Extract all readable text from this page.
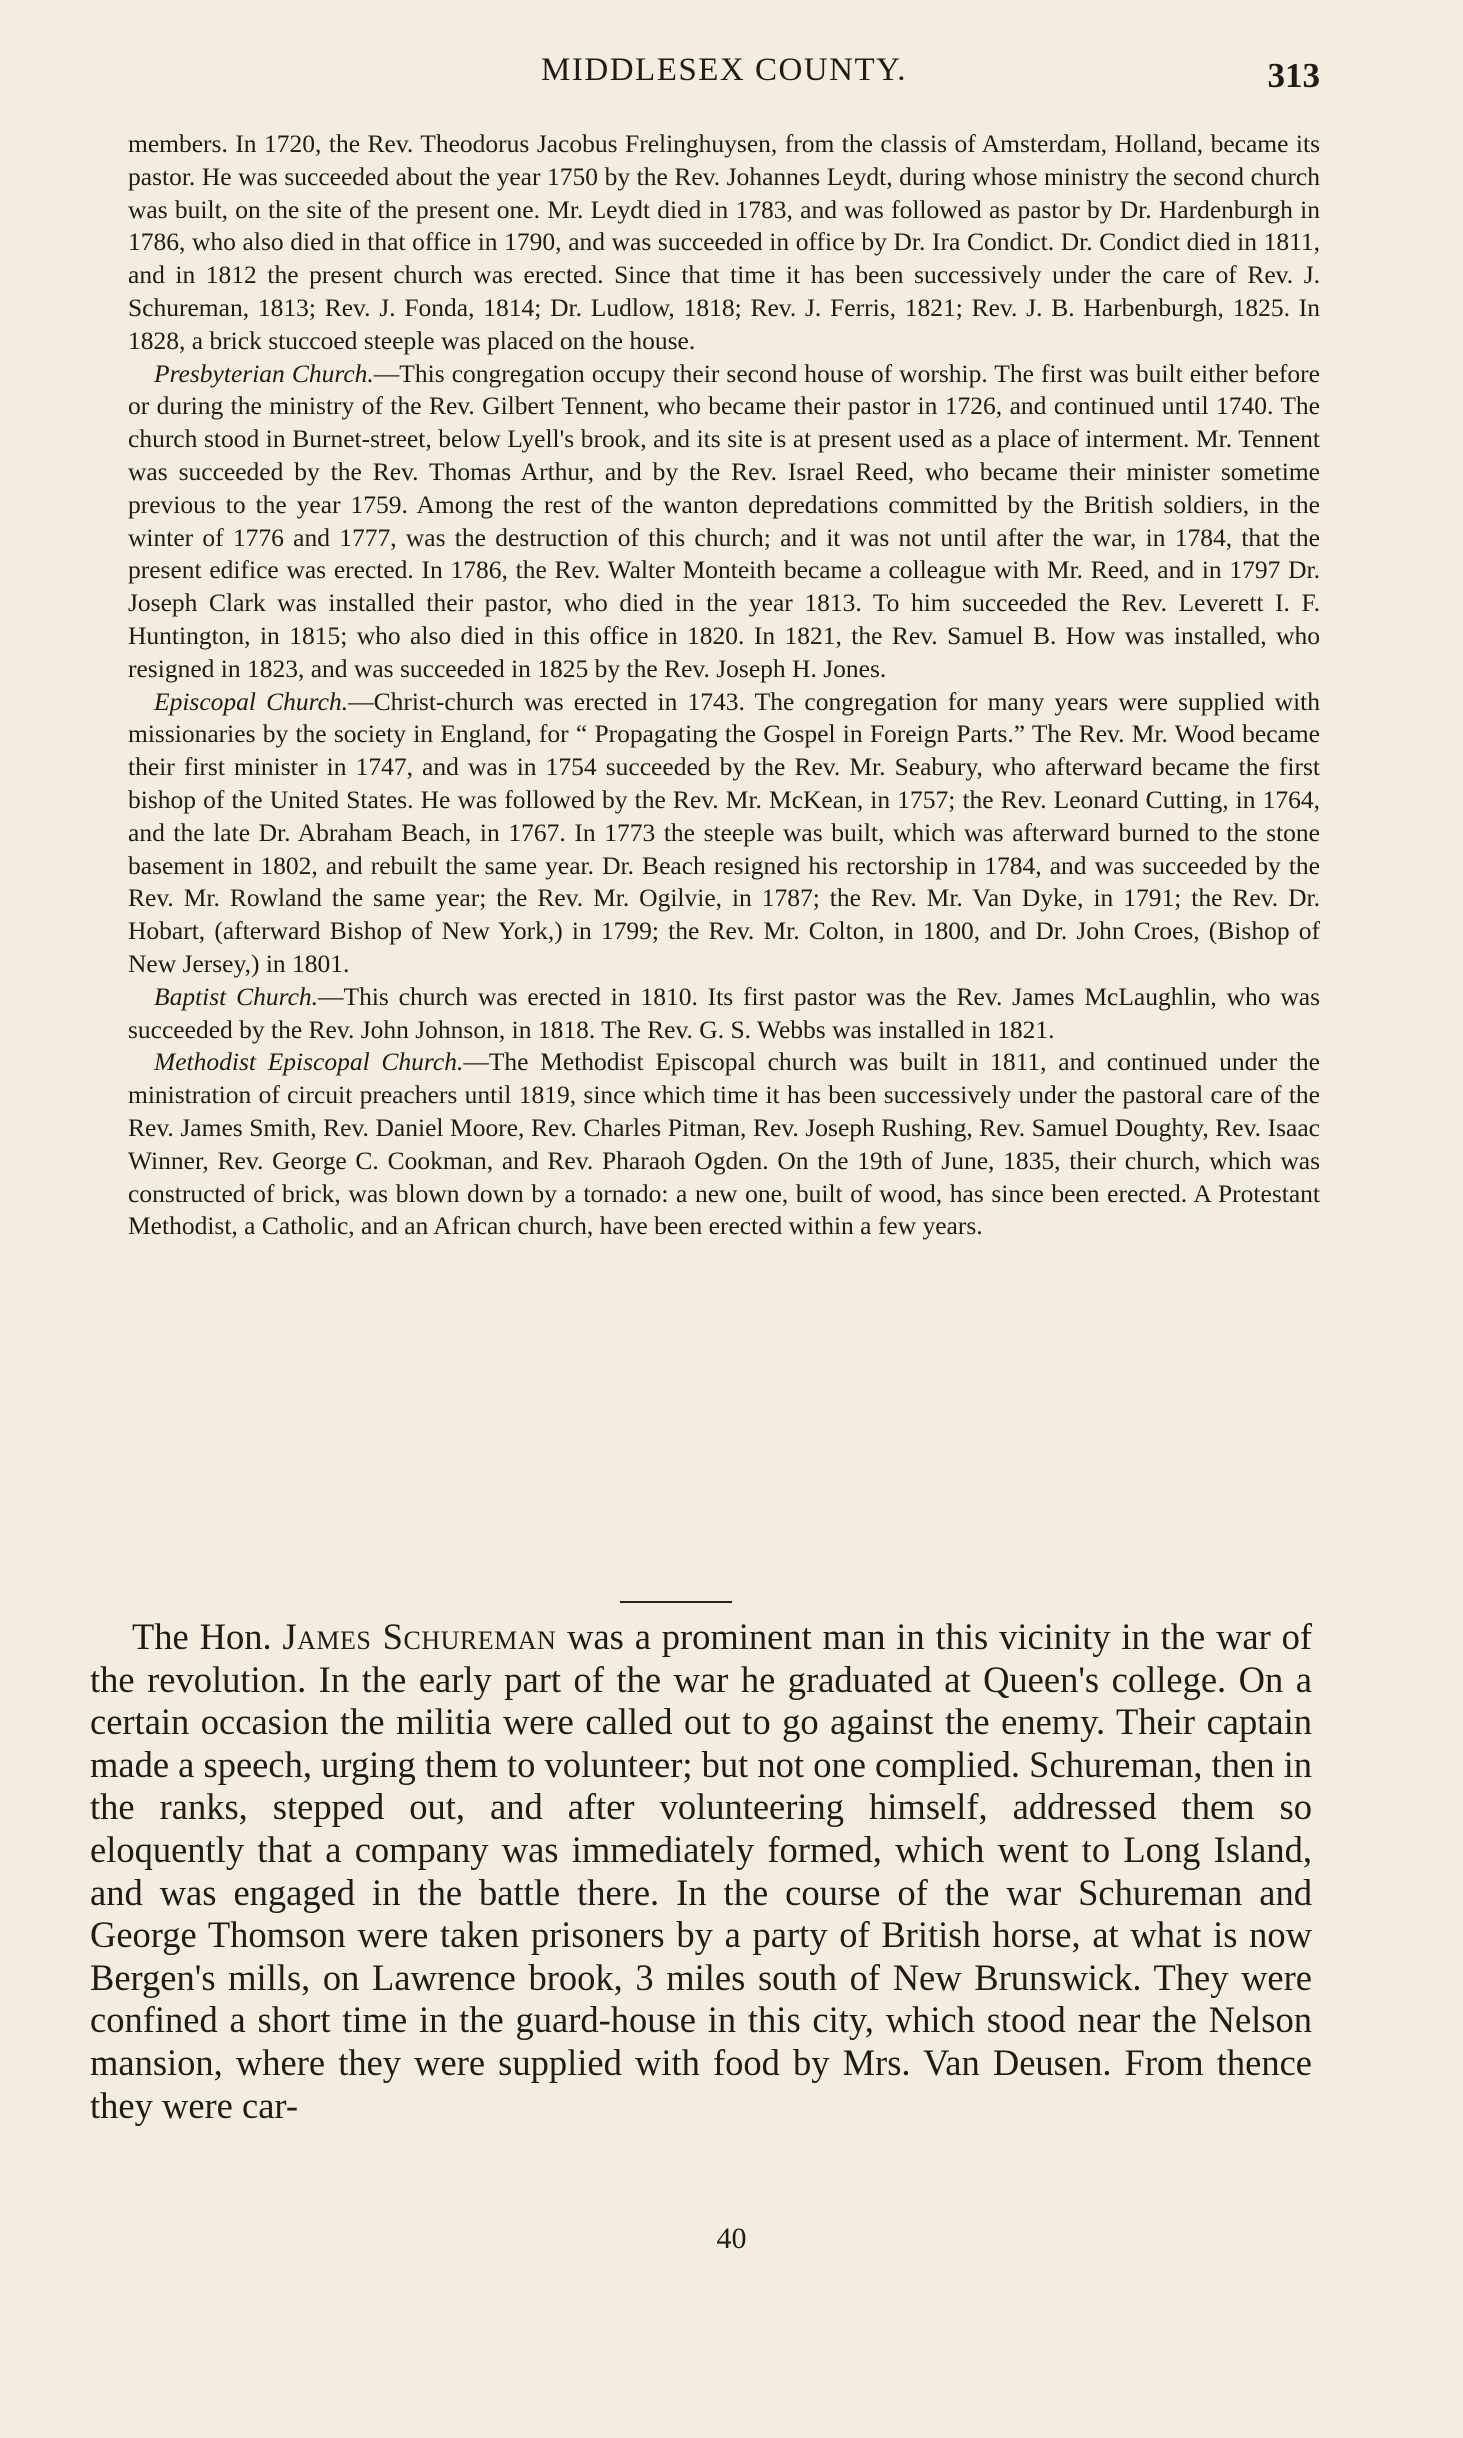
MIDDLESEX COUNTY.	313

members. In 1720, the Rev. Theodorus Jacobus Frelinghuysen, from the classis of Amsterdam, Holland, became its pastor. He was succeeded about the year 1750 by the Rev. Johannes Leydt, during whose ministry the second church was built, on the site of the present one. Mr. Leydt died in 1783, and was followed as pastor by Dr. Hardenburgh in 1786, who also died in that office in 1790, and was succeeded in office by Dr. Ira Condict. Dr. Condict died in 1811, and in 1812 the present church was erected. Since that time it has been successively under the care of Rev. J. Schureman, 1813; Rev. J. Fonda, 1814; Dr. Ludlow, 1818; Rev. J. Ferris, 1821; Rev. J. B. Harbenburgh, 1825. In 1828, a brick stuccoed steeple was placed on the house.

Presbyterian Church.—This congregation occupy their second house of worship. The first was built either before or during the ministry of the Rev. Gilbert Tennent, who became their pastor in 1726, and continued until 1740. The church stood in Burnet-street, below Lyell's brook, and its site is at present used as a place of interment. Mr. Tennent was succeeded by the Rev. Thomas Arthur, and by the Rev. Israel Reed, who became their minister sometime previous to the year 1759. Among the rest of the wanton depredations committed by the British soldiers, in the winter of 1776 and 1777, was the destruction of this church; and it was not until after the war, in 1784, that the present edifice was erected. In 1786, the Rev. Walter Monteith became a colleague with Mr. Reed, and in 1797 Dr. Joseph Clark was installed their pastor, who died in the year 1813. To him succeeded the Rev. Leverett I. F. Huntington, in 1815; who also died in this office in 1820. In 1821, the Rev. Samuel B. How was installed, who resigned in 1823, and was succeeded in 1825 by the Rev. Joseph H. Jones.

Episcopal Church.—Christ-church was erected in 1743. The congregation for many years were supplied with missionaries by the society in England, for “ Propagating the Gospel in Foreign Parts.” The Rev. Mr. Wood became their first minister in 1747, and was in 1754 succeeded by the Rev. Mr. Seabury, who afterward became the first bishop of the United States. He was followed by the Rev. Mr. McKean, in 1757; the Rev. Leonard Cutting, in 1764, and the late Dr. Abraham Beach, in 1767. In 1773 the steeple was built, which was afterward burned to the stone basement in 1802, and rebuilt the same year. Dr. Beach resigned his rectorship in 1784, and was succeeded by the Rev. Mr. Rowland the same year; the Rev. Mr. Ogilvie, in 1787; the Rev. Mr. Van Dyke, in 1791; the Rev. Dr. Hobart, (afterward Bishop of New York,) in 1799; the Rev. Mr. Colton, in 1800, and Dr. John Croes, (Bishop of New Jersey,) in 1801.

Baptist Church.—This church was erected in 1810. Its first pastor was the Rev. James McLaughlin, who was succeeded by the Rev. John Johnson, in 1818. The Rev. G. S. Webbs was installed in 1821.

Methodist Episcopal Church.—The Methodist Episcopal church was built in 1811, and continued under the ministration of circuit preachers until 1819, since which time it has been successively under the pastoral care of the Rev. James Smith, Rev. Daniel Moore, Rev. Charles Pitman, Rev. Joseph Rushing, Rev. Samuel Doughty, Rev. Isaac Winner, Rev. George C. Cookman, and Rev. Pharaoh Ogden. On the 19th of June, 1835, their church, which was constructed of brick, was blown down by a tornado: a new one, built of wood, has since been erected. A Protestant Methodist, a Catholic, and an African church, have been erected within a few years.

The Hon. James Schureman was a prominent man in this vicinity in the war of the revolution. In the early part of the war he graduated at Queen's college. On a certain occasion the militia were called out to go against the enemy. Their captain made a speech, urging them to volunteer; but not one complied. Schureman, then in the ranks, stepped out, and after volunteering himself, addressed them so eloquently that a company was immediately formed, which went to Long Island, and was engaged in the battle there. In the course of the war Schureman and George Thomson were taken prisoners by a party of British horse, at what is now Bergen's mills, on Lawrence brook, 3 miles south of New Brunswick. They were confined a short time in the guard-house in this city, which stood near the Nelson mansion, where they were supplied with food by Mrs. Van Deusen. From thence they were car-

40
